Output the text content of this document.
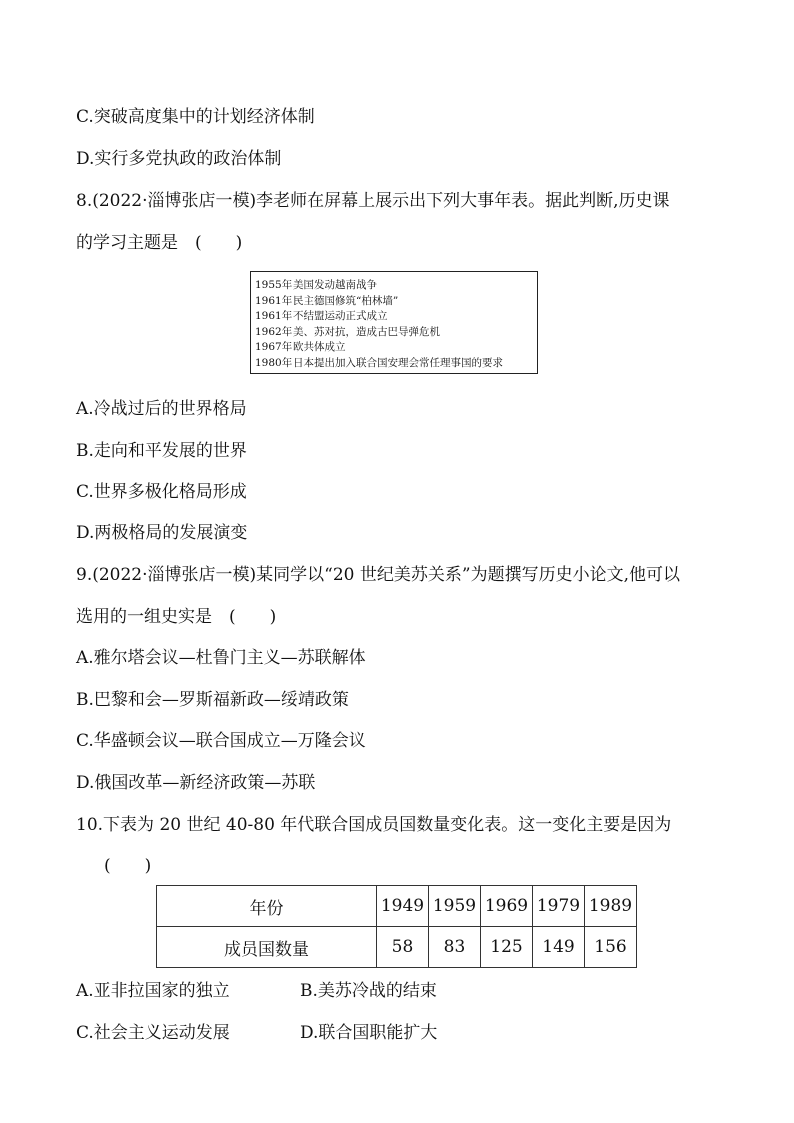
C.突破高度集中的计划经济体制
D.实行多党执政的政治体制
8.(2022·淄博张店一模)李老师在屏幕上展示出下列大事年表。据此判断,历史课
的学习主题是　(　　)
1955年美国发动越南战争
1961年民主德国修筑“柏林墙”
1961年不结盟运动正式成立
1962年美、苏对抗，造成古巴导弹危机
1967年欧共体成立
1980年日本提出加入联合国安理会常任理事国的要求
A.冷战过后的世界格局
B.走向和平发展的世界
C.世界多极化格局形成
D.两极格局的发展演变
9.(2022·淄博张店一模)某同学以“20 世纪美苏关系”为题撰写历史小论文,他可以
选用的一组史实是　(　　)
A.雅尔塔会议—杜鲁门主义—苏联解体
B.巴黎和会—罗斯福新政—绥靖政策
C.华盛顿会议—联合国成立—万隆会议
D.俄国改革—新经济政策—苏联
10.下表为 20 世纪 40-80 年代联合国成员国数量变化表。这一变化主要是因为
(　　)
年份	1949	1959	1969	1979	1989
成员国数量	58	83	125	149	156
A.亚非拉国家的独立	B.美苏冷战的结束
C.社会主义运动发展	D.联合国职能扩大
